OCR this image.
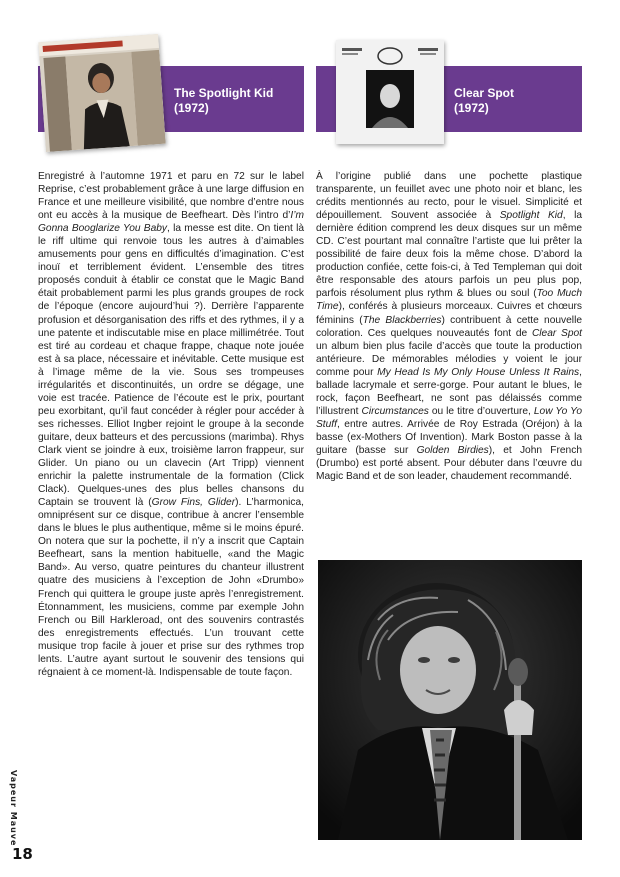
The Spotlight Kid
(1972)
Clear Spot
(1972)

Enregistré à l’automne 1971 et paru en 72 sur le label Reprise, c’est probablement grâce à une large diffusion en France et une meilleure visibilité, que nombre d’entre nous ont eu accès à la musique de Beefheart. Dès l’intro d’I’m Gonna Booglarize You Baby, la messe est dite. On tient là le riff ultime qui renvoie tous les autres à d’aimables amusements pour gens en difficultés d’imagination. C’est inouï et terriblement évident. L’ensemble des titres proposés conduit à établir ce constat que le Magic Band était probablement parmi les plus grands groupes de rock de l’époque (encore aujourd’hui ?). Derrière l’apparente profusion et désorganisation des riffs et des rythmes, il y a une patente et indiscutable mise en place millimétrée. Tout est tiré au cordeau et chaque frappe, chaque note jouée est à sa place, nécessaire et inévitable. Cette musique est à l’image même de la vie. Sous ses trompeuses irrégularités et discontinuités, un ordre se dégage, une voie est tracée. Patience de l’écoute est le prix, pourtant peu exorbitant, qu’il faut concéder à régler pour accéder à ses richesses. Elliot Ingber rejoint le groupe à la seconde guitare, deux batteurs et des percussions (marimba). Rhys Clark vient se joindre à eux, troisième larron frappeur, sur Glider. Un piano ou un clavecin (Art Tripp) viennent enrichir la palette instrumentale de la formation (Click Clack). Quelques-unes des plus belles chansons du Captain se trouvent là (Grow Fins, Glider). L’harmonica, omniprésent sur ce disque, contribue à ancrer l’ensemble dans le blues le plus authentique, même si le moins épuré. On notera que sur la pochette, il n’y a inscrit que Captain Beefheart, sans la mention habituelle, «and the Magic Band». Au verso, quatre peintures du chanteur illustrent quatre des musiciens à l’exception de John «Drumbo» French qui quittera le groupe juste après l’enregistrement. Étonnamment, les musiciens, comme par exemple John French ou Bill Harkleroad, ont des souvenirs contrastés des enregistrements effectués. L’un trouvant cette musique trop facile à jouer et prise sur des rythmes trop lents. L’autre ayant surtout le souvenir des tensions qui régnaient à ce moment-là. Indispensable de toute façon.

À l’origine publié dans une pochette plastique transparente, un feuillet avec une photo noir et blanc, les crédits mentionnés au recto, pour le visuel. Simplicité et dépouillement. Souvent associée à Spotlight Kid, la dernière édition comprend les deux disques sur un même CD. C’est pourtant mal connaître l’artiste que lui prêter la possibilité de faire deux fois la même chose. D’abord la production confiée, cette fois-ci, à Ted Templeman qui doit être responsable des atours parfois un peu plus pop, parfois résolument plus rythm & blues ou soul (Too Much Time), conférés à plusieurs morceaux. Cuivres et chœurs féminins (The Blackberries) contribuent à cette nouvelle coloration. Ces quelques nouveautés font de Clear Spot un album bien plus facile d’accès que toute la production antérieure. De mémorables mélodies y voient le jour comme pour My Head Is My Only House Unless It Rains, ballade lacrymale et serre-gorge. Pour autant le blues, le rock, façon Beefheart, ne sont pas délaissés comme l’illustrent Circumstances ou le titre d’ouverture, Low Yo Yo Stuff, entre autres. Arrivée de Roy Estrada (Oréjon) à la basse (ex-Mothers Of Invention). Mark Boston passe à la guitare (basse sur Golden Birdies), et John French (Drumbo) est porté absent. Pour débuter dans l’œuvre du Magic Band et de son leader, chaudement recommandé.

Vapeur Mauve
18
